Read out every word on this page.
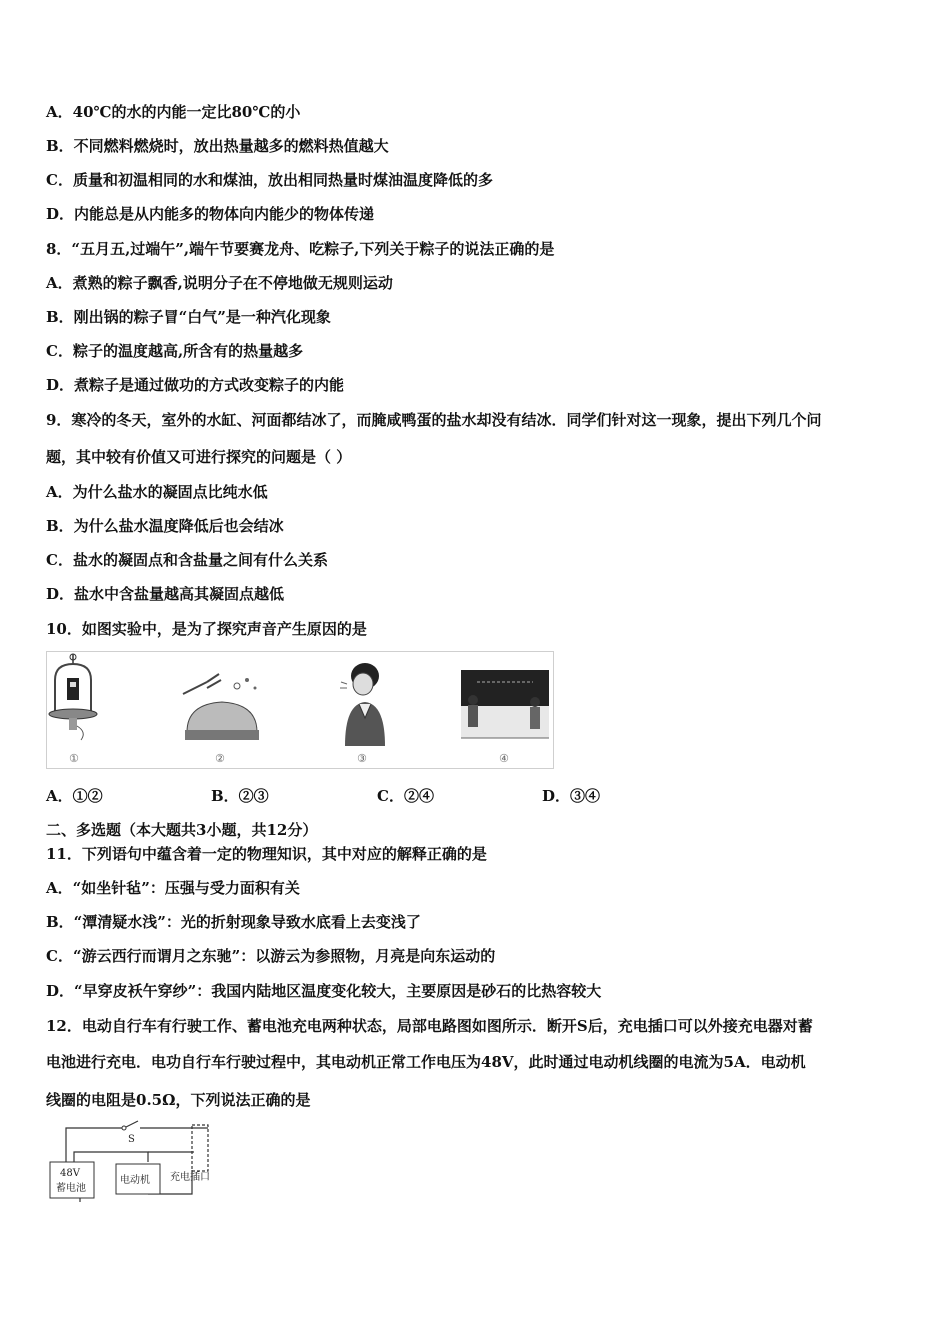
A．40℃的水的内能一定比80℃的小
B．不同燃料燃烧时，放出热量越多的燃料热值越大
C．质量和初温相同的水和煤油，放出相同热量时煤油温度降低的多
D．内能总是从内能多的物体向内能少的物体传递
8．“五月五,过端午”,端午节要赛龙舟、吃粽子,下列关于粽子的说法正确的是
A．煮熟的粽子飘香,说明分子在不停地做无规则运动
B．刚出锅的粽子冒“白气”是一种汽化现象
C．粽子的温度越高,所含有的热量越多
D．煮粽子是通过做功的方式改变粽子的内能
9．寒冷的冬天，室外的水缸、河面都结冰了，而腌咸鸭蛋的盐水却没有结冰．同学们针对这一现象，提出下列几个问
题，其中较有价值又可进行探究的问题是（ ）
A．为什么盐水的凝固点比纯水低
B．为什么盐水温度降低后也会结冰
C．盐水的凝固点和含盐量之间有什么关系
D．盐水中含盐量越高其凝固点越低
10．如图实验中，是为了探究声音产生原因的是
①	②	③	④
A．①②	B．②③	C．②④	D．③④
二、多选题（本大题共3小题，共12分）
11．下列语句中蕴含着一定的物理知识，其中对应的解释正确的是
A．“如坐针毡”：压强与受力面积有关
B．“潭清疑水浅”：光的折射现象导致水底看上去变浅了
C．“游云西行而谓月之东驰”：以游云为参照物，月亮是向东运动的
D．“早穿皮袄午穿纱”：我国内陆地区温度变化较大，主要原因是砂石的比热容较大
12．电动自行车有行驶工作、蓄电池充电两种状态，局部电路图如图所示．断开S后，充电插口可以外接充电器对蓄
电池进行充电．电功自行车行驶过程中，其电动机正常工作电压为48V，此时通过电动机线圈的电流为5A．电动机
线圈的电阻是0.5Ω，下列说法正确的是
S
48V
蓄电池
电动机 充电插口
